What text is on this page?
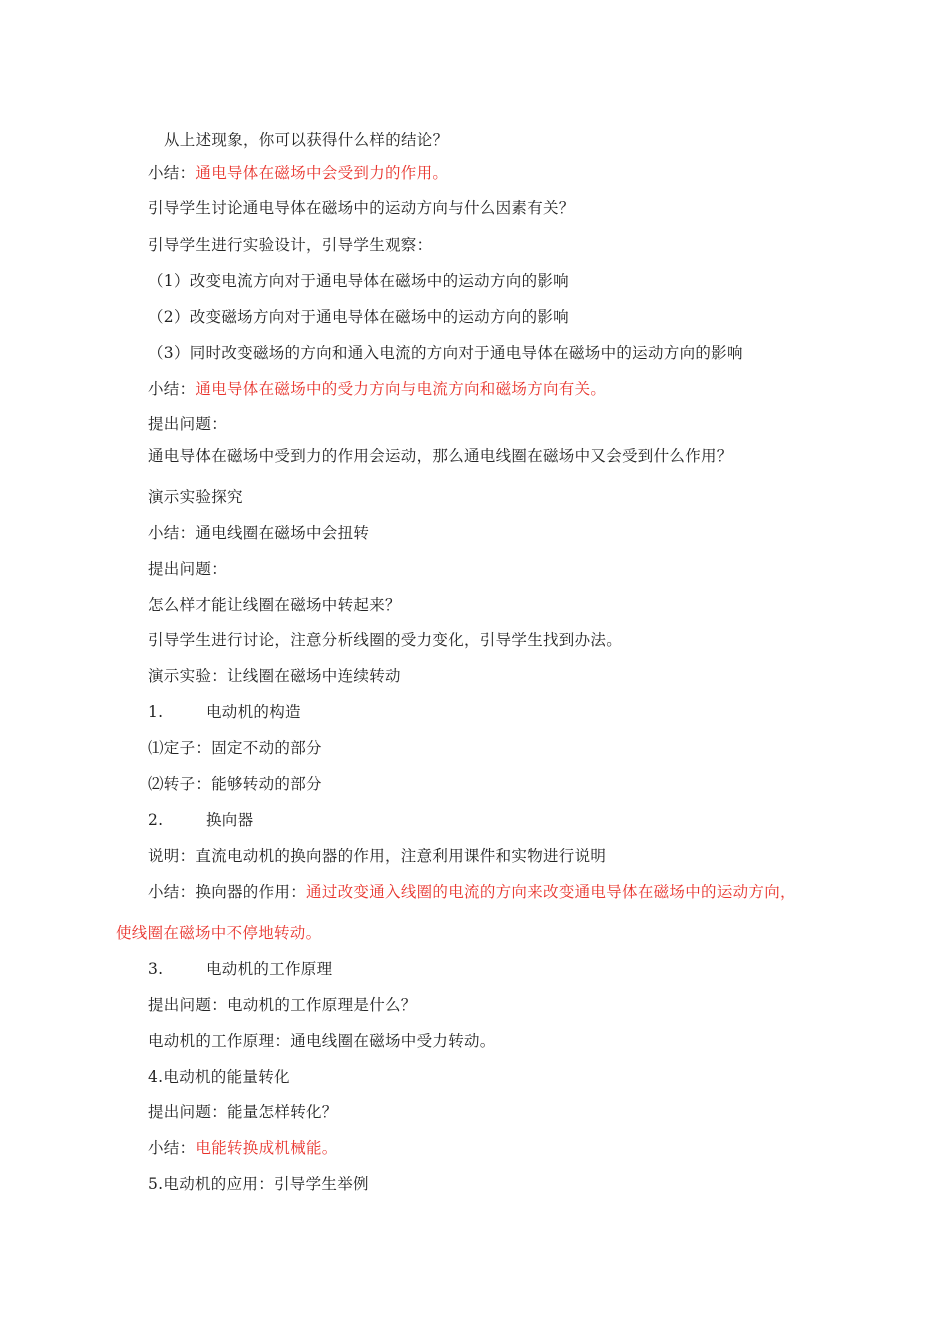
从上述现象，你可以获得什么样的结论？
小结：通电导体在磁场中会受到力的作用。
引导学生讨论通电导体在磁场中的运动方向与什么因素有关？
引导学生进行实验设计，引导学生观察：
（1）改变电流方向对于通电导体在磁场中的运动方向的影响
（2）改变磁场方向对于通电导体在磁场中的运动方向的影响
（3）同时改变磁场的方向和通入电流的方向对于通电导体在磁场中的运动方向的影响
小结：通电导体在磁场中的受力方向与电流方向和磁场方向有关。
提出问题：
通电导体在磁场中受到力的作用会运动，那么通电线圈在磁场中又会受到什么作用？
演示实验探究
小结：通电线圈在磁场中会扭转
提出问题：
怎么样才能让线圈在磁场中转起来？
引导学生进行讨论，注意分析线圈的受力变化，引导学生找到办法。
演示实验：让线圈在磁场中连续转动
1.	电动机的构造
⑴定子：固定不动的部分
⑵转子：能够转动的部分
2.	换向器
说明：直流电动机的换向器的作用，注意利用课件和实物进行说明
小结：换向器的作用：通过改变通入线圈的电流的方向来改变通电导体在磁场中的运动方向，
使线圈在磁场中不停地转动。
3.	电动机的工作原理
提出问题：电动机的工作原理是什么？
电动机的工作原理：通电线圈在磁场中受力转动。
4.电动机的能量转化
提出问题：能量怎样转化？
小结：电能转换成机械能。
5.电动机的应用：引导学生举例
